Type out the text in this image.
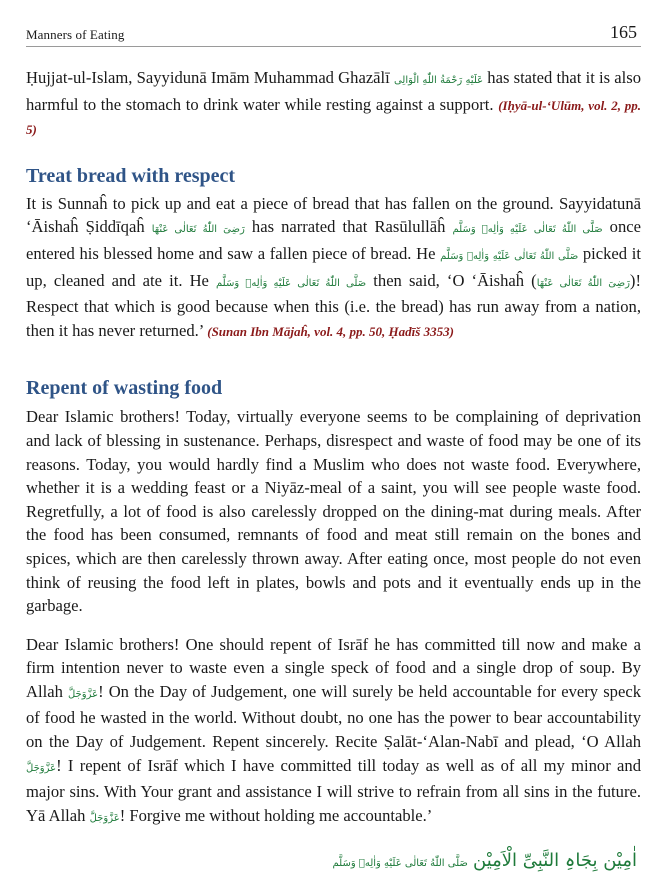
Manners of Eating	165

Ḥujjat-ul-Islam, Sayyidunā Imām Muhammad Ghazālī عَلَیْهِ رَحْمَةُ اللّٰهِ الْوَالِی has stated that it is also harmful to the stomach to drink water while resting against a support. (Iḥyā-ul-‘Ulūm, vol. 2, pp. 5)

Treat bread with respect

It is Sunnaĥ to pick up and eat a piece of bread that has fallen on the ground. Sayyidatunā ‘Āishaĥ Ṣiddīqaĥ رَضِیَ اللّٰهُ تَعَالٰی عَنْهَا has narrated that Rasūlullāĥ صَلَّی اللّٰهُ تَعَالٰی عَلَیْهِ وَاٰلِهٖ وَسَلَّم once entered his blessed home and saw a fallen piece of bread. He صَلَّی اللّٰهُ تَعَالٰی عَلَیْهِ وَاٰلِهٖ وَسَلَّم picked it up, cleaned and ate it. He صَلَّی اللّٰهُ تَعَالٰی عَلَیْهِ وَاٰلِهٖ وَسَلَّم then said, ‘O ‘Āishaĥ (رَضِیَ اللّٰهُ تَعَالٰی عَنْهَا)! Respect that which is good because when this (i.e. the bread) has run away from a nation, then it has never returned.’ (Sunan Ibn Mājaĥ, vol. 4, pp. 50, Ḥadīš 3353)

Repent of wasting food

Dear Islamic brothers! Today, virtually everyone seems to be complaining of deprivation and lack of blessing in sustenance. Perhaps, disrespect and waste of food may be one of its reasons. Today, you would hardly find a Muslim who does not waste food. Everywhere, whether it is a wedding feast or a Niyāz-meal of a saint, you will see people waste food. Regretfully, a lot of food is also carelessly dropped on the dining-mat during meals. After the food has been consumed, remnants of food and meat still remain on the bones and spices, which are then carelessly thrown away. After eating once, most people do not even think of reusing the food left in plates, bowls and pots and it eventually ends up in the garbage.

Dear Islamic brothers! One should repent of Isrāf he has committed till now and make a firm intention never to waste even a single speck of food and a single drop of soup. By Allah عَزَّوَجَلَّ! On the Day of Judgement, one will surely be held accountable for every speck of food he wasted in the world. Without doubt, no one has the power to bear accountability on the Day of Judgement. Repent sincerely. Recite Ṣalāt-‘Alan-Nabī and plead, ‘O Allah عَزَّوَجَلَّ! I repent of Isrāf which I have committed till today as well as of all my minor and major sins. With Your grant and assistance I will strive to refrain from all sins in the future. Yā Allah عَزَّوَجَلَّ! Forgive me without holding me accountable.’

صَلَّی اللّٰهُ تَعَالٰی عَلَیْهِ وَاٰلِهٖ وَسَلَّم اٰمِیْن بِجَاہِ النَّبِیِّ الْاَمِیْن
